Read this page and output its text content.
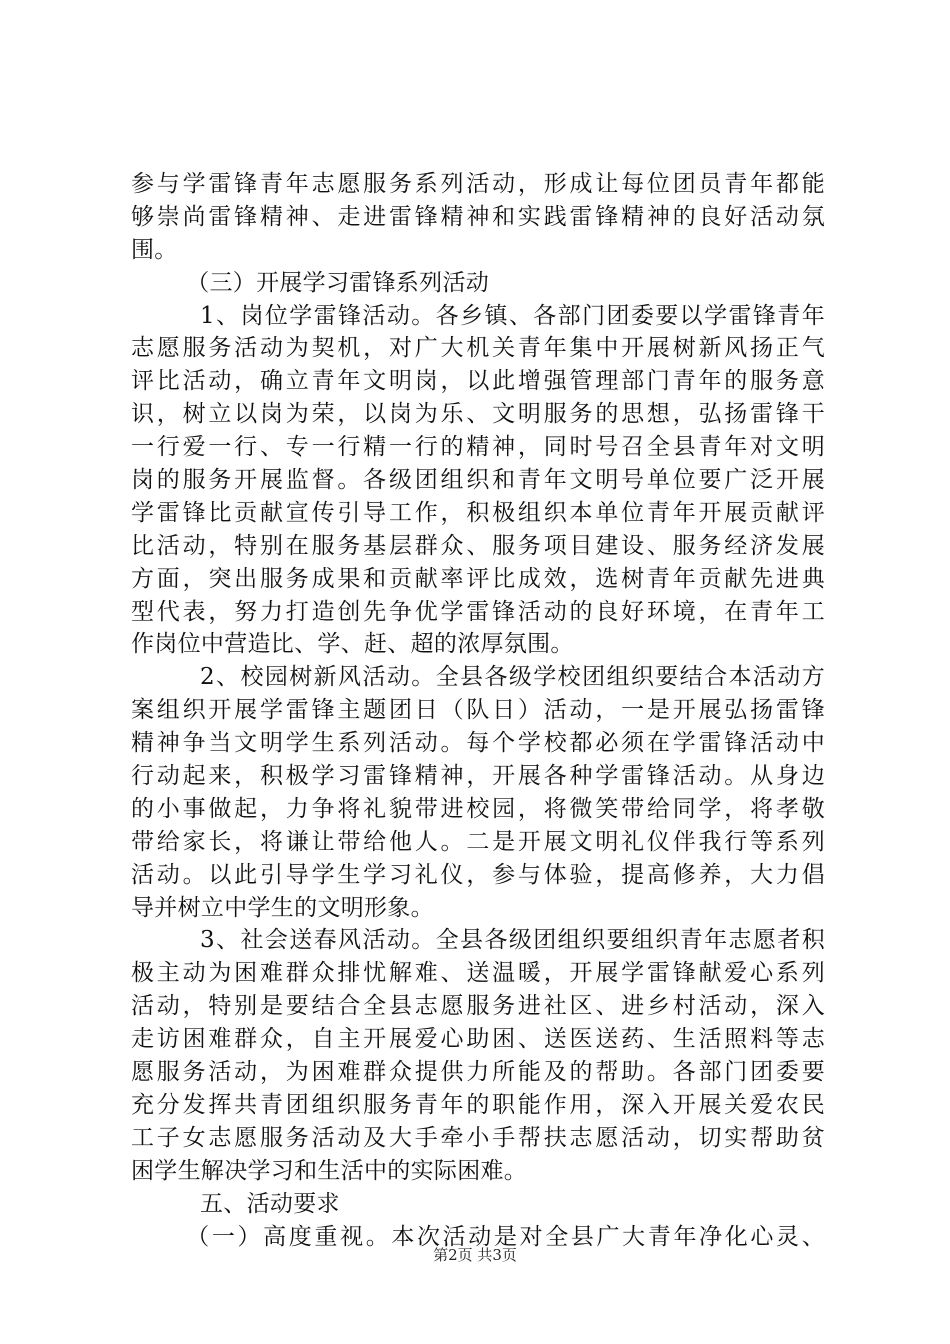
参与学雷锋青年志愿服务系列活动，形成让每位团员青年都能
够崇尚雷锋精神、走进雷锋精神和实践雷锋精神的良好活动氛
围。
（三）开展学习雷锋系列活动
1、岗位学雷锋活动。各乡镇、各部门团委要以学雷锋青年
志愿服务活动为契机，对广大机关青年集中开展树新风扬正气
评比活动，确立青年文明岗，以此增强管理部门青年的服务意
识，树立以岗为荣，以岗为乐、文明服务的思想，弘扬雷锋干
一行爱一行、专一行精一行的精神，同时号召全县青年对文明
岗的服务开展监督。各级团组织和青年文明号单位要广泛开展
学雷锋比贡献宣传引导工作，积极组织本单位青年开展贡献评
比活动，特别在服务基层群众、服务项目建设、服务经济发展
方面，突出服务成果和贡献率评比成效，选树青年贡献先进典
型代表，努力打造创先争优学雷锋活动的良好环境，在青年工
作岗位中营造比、学、赶、超的浓厚氛围。
2、校园树新风活动。全县各级学校团组织要结合本活动方
案组织开展学雷锋主题团日（队日）活动，一是开展弘扬雷锋
精神争当文明学生系列活动。每个学校都必须在学雷锋活动中
行动起来，积极学习雷锋精神，开展各种学雷锋活动。从身边
的小事做起，力争将礼貌带进校园，将微笑带给同学，将孝敬
带给家长，将谦让带给他人。二是开展文明礼仪伴我行等系列
活动。以此引导学生学习礼仪，参与体验，提高修养，大力倡
导并树立中学生的文明形象。
3、社会送春风活动。全县各级团组织要组织青年志愿者积
极主动为困难群众排忧解难、送温暖，开展学雷锋献爱心系列
活动，特别是要结合全县志愿服务进社区、进乡村活动，深入
走访困难群众，自主开展爱心助困、送医送药、生活照料等志
愿服务活动，为困难群众提供力所能及的帮助。各部门团委要
充分发挥共青团组织服务青年的职能作用，深入开展关爱农民
工子女志愿服务活动及大手牵小手帮扶志愿活动，切实帮助贫
困学生解决学习和生活中的实际困难。
五、活动要求
（一）高度重视。本次活动是对全县广大青年净化心灵、
第2页 共3页
